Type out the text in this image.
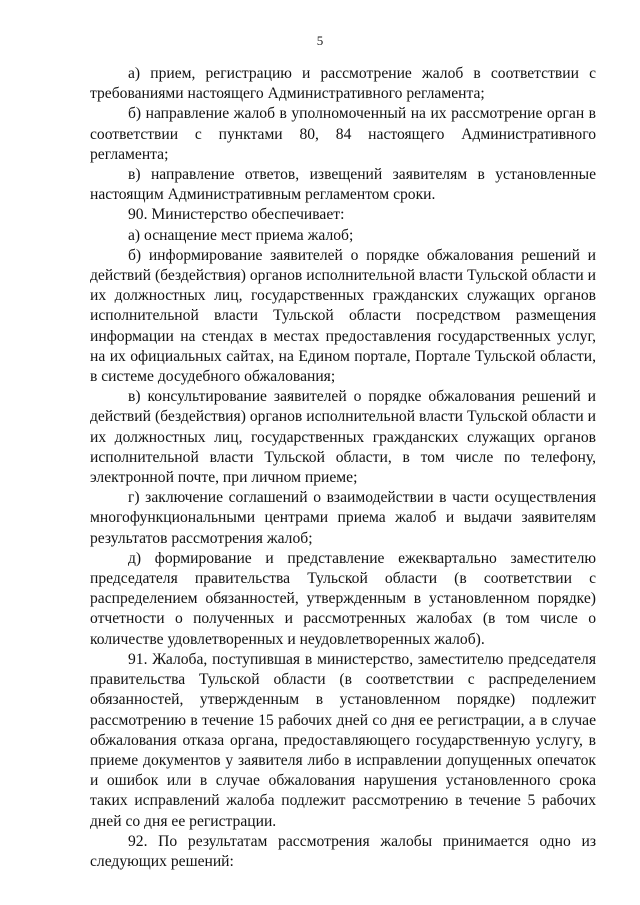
5

а) прием, регистрацию и рассмотрение жалоб в соответствии с требованиями настоящего Административного регламента;

б) направление жалоб в уполномоченный на их рассмотрение орган в соответствии с пунктами 80, 84 настоящего Административного регламента;

в) направление ответов, извещений заявителям в установленные настоящим Административным регламентом сроки.

90. Министерство обеспечивает:

а) оснащение мест приема жалоб;

б) информирование заявителей о порядке обжалования решений и действий (бездействия) органов исполнительной власти Тульской области и их должностных лиц, государственных гражданских служащих органов исполнительной власти Тульской области посредством размещения информации на стендах в местах предоставления государственных услуг, на их официальных сайтах, на Едином портале, Портале Тульской области, в системе досудебного обжалования;

в) консультирование заявителей о порядке обжалования решений и действий (бездействия) органов исполнительной власти Тульской области и их должностных лиц, государственных гражданских служащих органов исполнительной власти Тульской области, в том числе по телефону, электронной почте, при личном приеме;

г) заключение соглашений о взаимодействии в части осуществления многофункциональными центрами приема жалоб и выдачи заявителям результатов рассмотрения жалоб;

д) формирование и представление ежеквартально заместителю председателя правительства Тульской области (в соответствии с распределением обязанностей, утвержденным в установленном порядке) отчетности о полученных и рассмотренных жалобах (в том числе о количестве удовлетворенных и неудовлетворенных жалоб).

91. Жалоба, поступившая в министерство, заместителю председателя правительства Тульской области (в соответствии с распределением обязанностей, утвержденным в установленном порядке) подлежит рассмотрению в течение 15 рабочих дней со дня ее регистрации, а в случае обжалования отказа органа, предоставляющего государственную услугу, в приеме документов у заявителя либо в исправлении допущенных опечаток и ошибок или в случае обжалования нарушения установленного срока таких исправлений жалоба подлежит рассмотрению в течение 5 рабочих дней со дня ее регистрации.

92. По результатам рассмотрения жалобы принимается одно из следующих решений:
